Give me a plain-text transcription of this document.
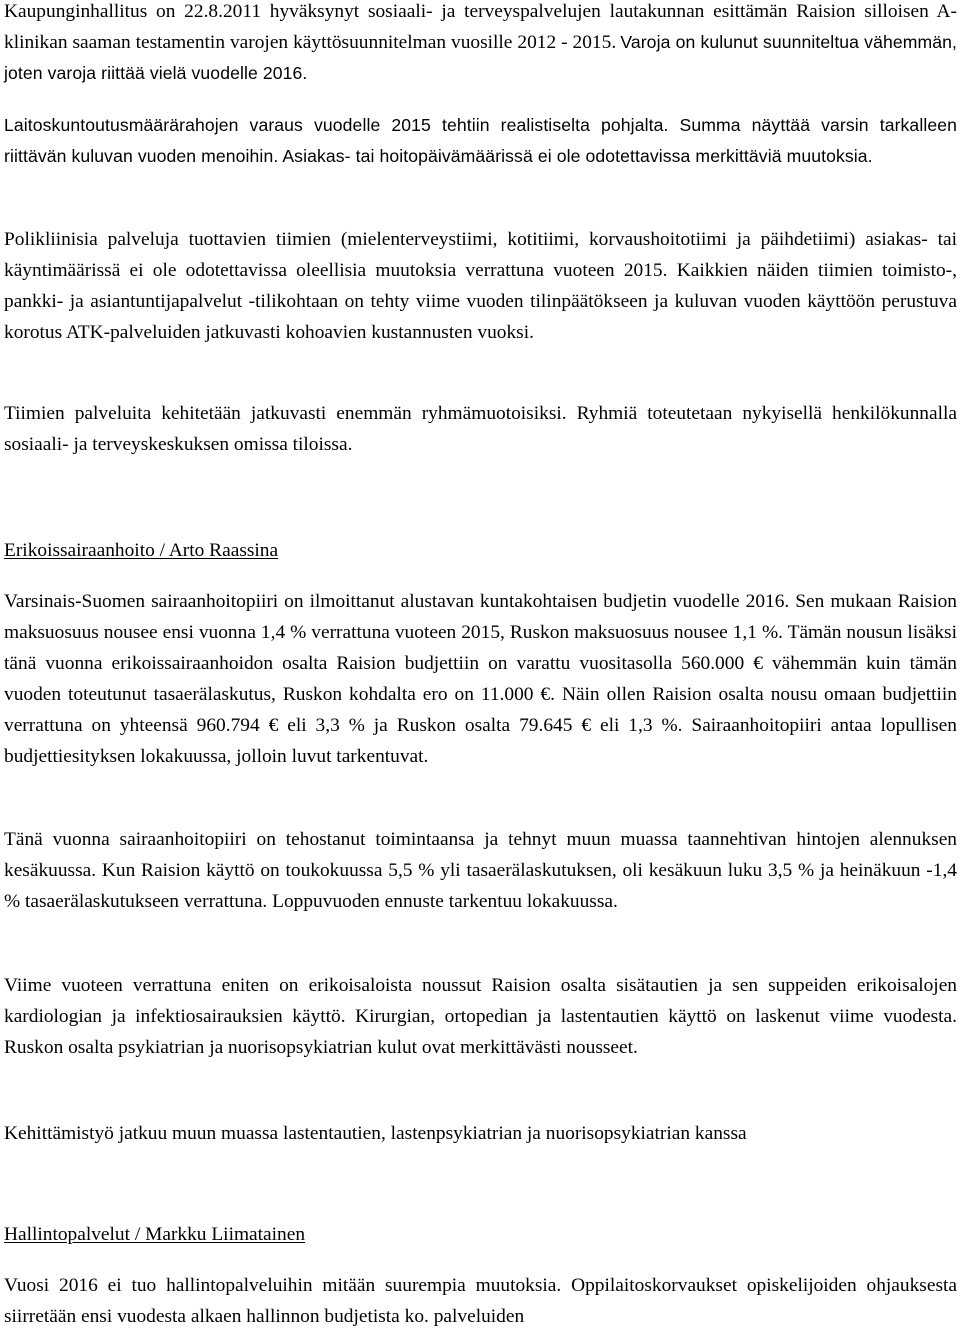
Kaupunginhallitus on 22.8.2011 hyväksynyt sosiaali- ja terveyspalvelujen lautakunnan esittämän Raision silloisen A-klinikan saaman testamentin varojen käyttösuunnitelman vuosille 2012 - 2015. Varoja on kulunut suunniteltua vähemmän, joten varoja riittää vielä vuodelle 2016.

Laitoskuntoutusmäärärahojen varaus vuodelle 2015 tehtiin realistiselta pohjalta. Summa näyttää varsin tarkalleen riittävän kuluvan vuoden menoihin. Asiakas- tai hoitopäivämäärissä ei ole odotettavissa merkittäviä muutoksia.

Polikliinisia palveluja tuottavien tiimien (mielenterveystiimi, kotitiimi, korvaushoitotiimi ja päihdetiimi) asiakas- tai käyntimäärissä ei ole odotettavissa oleellisia muutoksia verrattuna vuoteen 2015. Kaikkien näiden tiimien toimisto-, pankki- ja asiantuntijapalvelut -tilikohtaan on tehty viime vuoden tilinpäätökseen ja kuluvan vuoden käyttöön perustuva korotus ATK-palveluiden jatkuvasti kohoavien kustannusten vuoksi.

Tiimien palveluita kehitetään jatkuvasti enemmän ryhmämuotoisiksi. Ryhmiä toteutetaan nykyisellä henkilökunnalla sosiaali- ja terveyskeskuksen omissa tiloissa.

Erikoissairaanhoito / Arto Raassina

Varsinais-Suomen sairaanhoitopiiri on ilmoittanut alustavan kuntakohtaisen budjetin vuodelle 2016. Sen mukaan Raision maksuosuus nousee ensi vuonna 1,4 % verrattuna vuoteen 2015, Ruskon maksuosuus nousee 1,1 %. Tämän nousun lisäksi tänä vuonna erikoissairaanhoidon osalta Raision budjettiin on varattu vuositasolla 560.000 € vähemmän kuin tämän vuoden toteutunut tasaerälaskutus, Ruskon kohdalta ero on 11.000 €. Näin ollen Raision osalta nousu omaan budjettiin verrattuna on yhteensä 960.794 € eli 3,3 % ja Ruskon osalta 79.645 € eli 1,3 %. Sairaanhoitopiiri antaa lopullisen budjettiesityksen lokakuussa, jolloin luvut tarkentuvat.

Tänä vuonna sairaanhoitopiiri on tehostanut toimintaansa ja tehnyt muun muassa taannehtivan hintojen alennuksen kesäkuussa. Kun Raision käyttö on toukokuussa 5,5 % yli tasaerälaskutuksen, oli kesäkuun luku 3,5 % ja heinäkuun -1,4 % tasaerälaskutukseen verrattuna. Loppuvuoden ennuste tarkentuu lokakuussa.

Viime vuoteen verrattuna eniten on erikoisaloista noussut Raision osalta sisätautien ja sen suppeiden erikoisalojen kardiologian ja infektiosairauksien käyttö. Kirurgian, ortopedian ja lastentautien käyttö on laskenut viime vuodesta. Ruskon osalta psykiatrian ja nuorisopsykiatrian kulut ovat merkittävästi nousseet.

Kehittämistyö jatkuu muun muassa lastentautien, lastenpsykiatrian ja nuorisopsykiatrian kanssa

Hallintopalvelut / Markku Liimatainen

Vuosi 2016 ei tuo hallintopalveluihin mitään suurempia muutoksia. Oppilaitoskorvaukset opiskelijoiden ohjauksesta siirretään ensi vuodesta alkaen hallinnon budjetista ko. palveluiden
